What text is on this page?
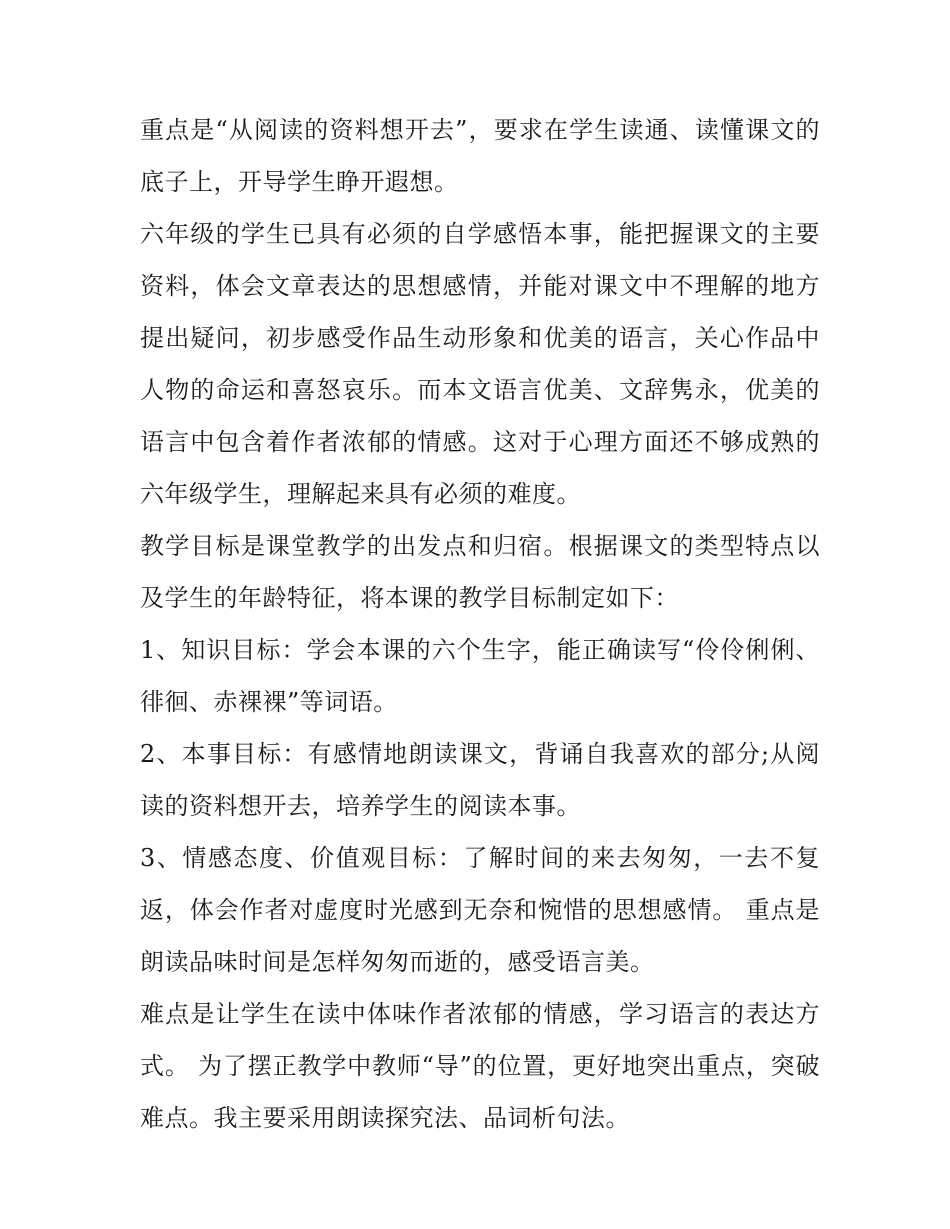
重点是“从阅读的资料想开去”，要求在学生读通、读懂课文的底子上，开导学生睁开遐想。

六年级的学生已具有必须的自学感悟本事，能把握课文的主要资料，体会文章表达的思想感情，并能对课文中不理解的地方提出疑问，初步感受作品生动形象和优美的语言，关心作品中人物的命运和喜怒哀乐。而本文语言优美、文辞隽永，优美的语言中包含着作者浓郁的情感。这对于心理方面还不够成熟的六年级学生，理解起来具有必须的难度。

教学目标是课堂教学的出发点和归宿。根据课文的类型特点以及学生的年龄特征，将本课的教学目标制定如下：

1、知识目标：学会本课的六个生字，能正确读写“伶伶俐俐、徘徊、赤裸裸”等词语。

2、本事目标：有感情地朗读课文，背诵自我喜欢的部分;从阅读的资料想开去，培养学生的阅读本事。

3、情感态度、价值观目标：了解时间的来去匆匆，一去不复返，体会作者对虚度时光感到无奈和惋惜的思想感情。 重点是朗读品味时间是怎样匆匆而逝的，感受语言美。

难点是让学生在读中体味作者浓郁的情感，学习语言的表达方式。 为了摆正教学中教师“导”的位置，更好地突出重点，突破难点。我主要采用朗读探究法、品词析句法。
